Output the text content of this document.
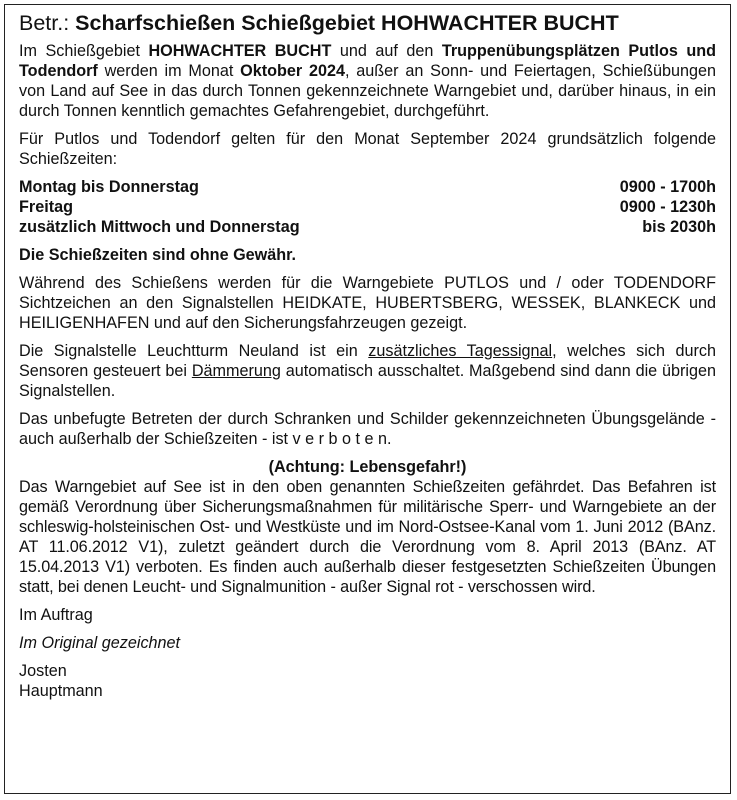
Betr.: Scharfschießen Schießgebiet HOHWACHTER BUCHT

Im Schießgebiet HOHWACHTER BUCHT und auf den Truppenübungsplätzen Putlos und Todendorf werden im Monat Oktober 2024, außer an Sonn- und Feiertagen, Schießübungen von Land auf See in das durch Tonnen gekennzeichnete Warngebiet und, darüber hinaus, in ein durch Tonnen kenntlich gemachtes Gefahrengebiet, durchgeführt.

Für Putlos und Todendorf gelten für den Monat September 2024 grundsätzlich folgende Schießzeiten:

Montag bis Donnerstag	0900 - 1700h
Freitag	0900 - 1230h
zusätzlich Mittwoch und Donnerstag	bis 2030h

Die Schießzeiten sind ohne Gewähr.

Während des Schießens werden für die Warngebiete PUTLOS und / oder TODENDORF Sichtzeichen an den Signalstellen HEIDKATE, HUBERTSBERG, WESSEK, BLANKECK und HEILIGENHAFEN und auf den Sicherungsfahrzeugen gezeigt.

Die Signalstelle Leuchtturm Neuland ist ein zusätzliches Tagessignal, welches sich durch Sensoren gesteuert bei Dämmerung automatisch ausschaltet. Maßgebend sind dann die übrigen Signalstellen.

Das unbefugte Betreten der durch Schranken und Schilder gekennzeichneten Übungsgelände - auch außerhalb der Schießzeiten - ist v e r b o t e n.

(Achtung: Lebensgefahr!)

Das Warngebiet auf See ist in den oben genannten Schießzeiten gefährdet. Das Befahren ist gemäß Verordnung über Sicherungsmaßnahmen für militärische Sperr- und Warngebiete an der schleswig-holsteinischen Ost- und Westküste und im Nord-Ostsee-Kanal vom 1. Juni 2012 (BAnz. AT 11.06.2012 V1), zuletzt geändert durch die Verordnung vom 8. April 2013 (BAnz. AT 15.04.2013 V1) verboten. Es finden auch außerhalb dieser festgesetzten Schießzeiten Übungen statt, bei denen Leucht- und Signalmunition - außer Signal rot - verschossen wird.

Im Auftrag

Im Original gezeichnet

Josten

Hauptmann
